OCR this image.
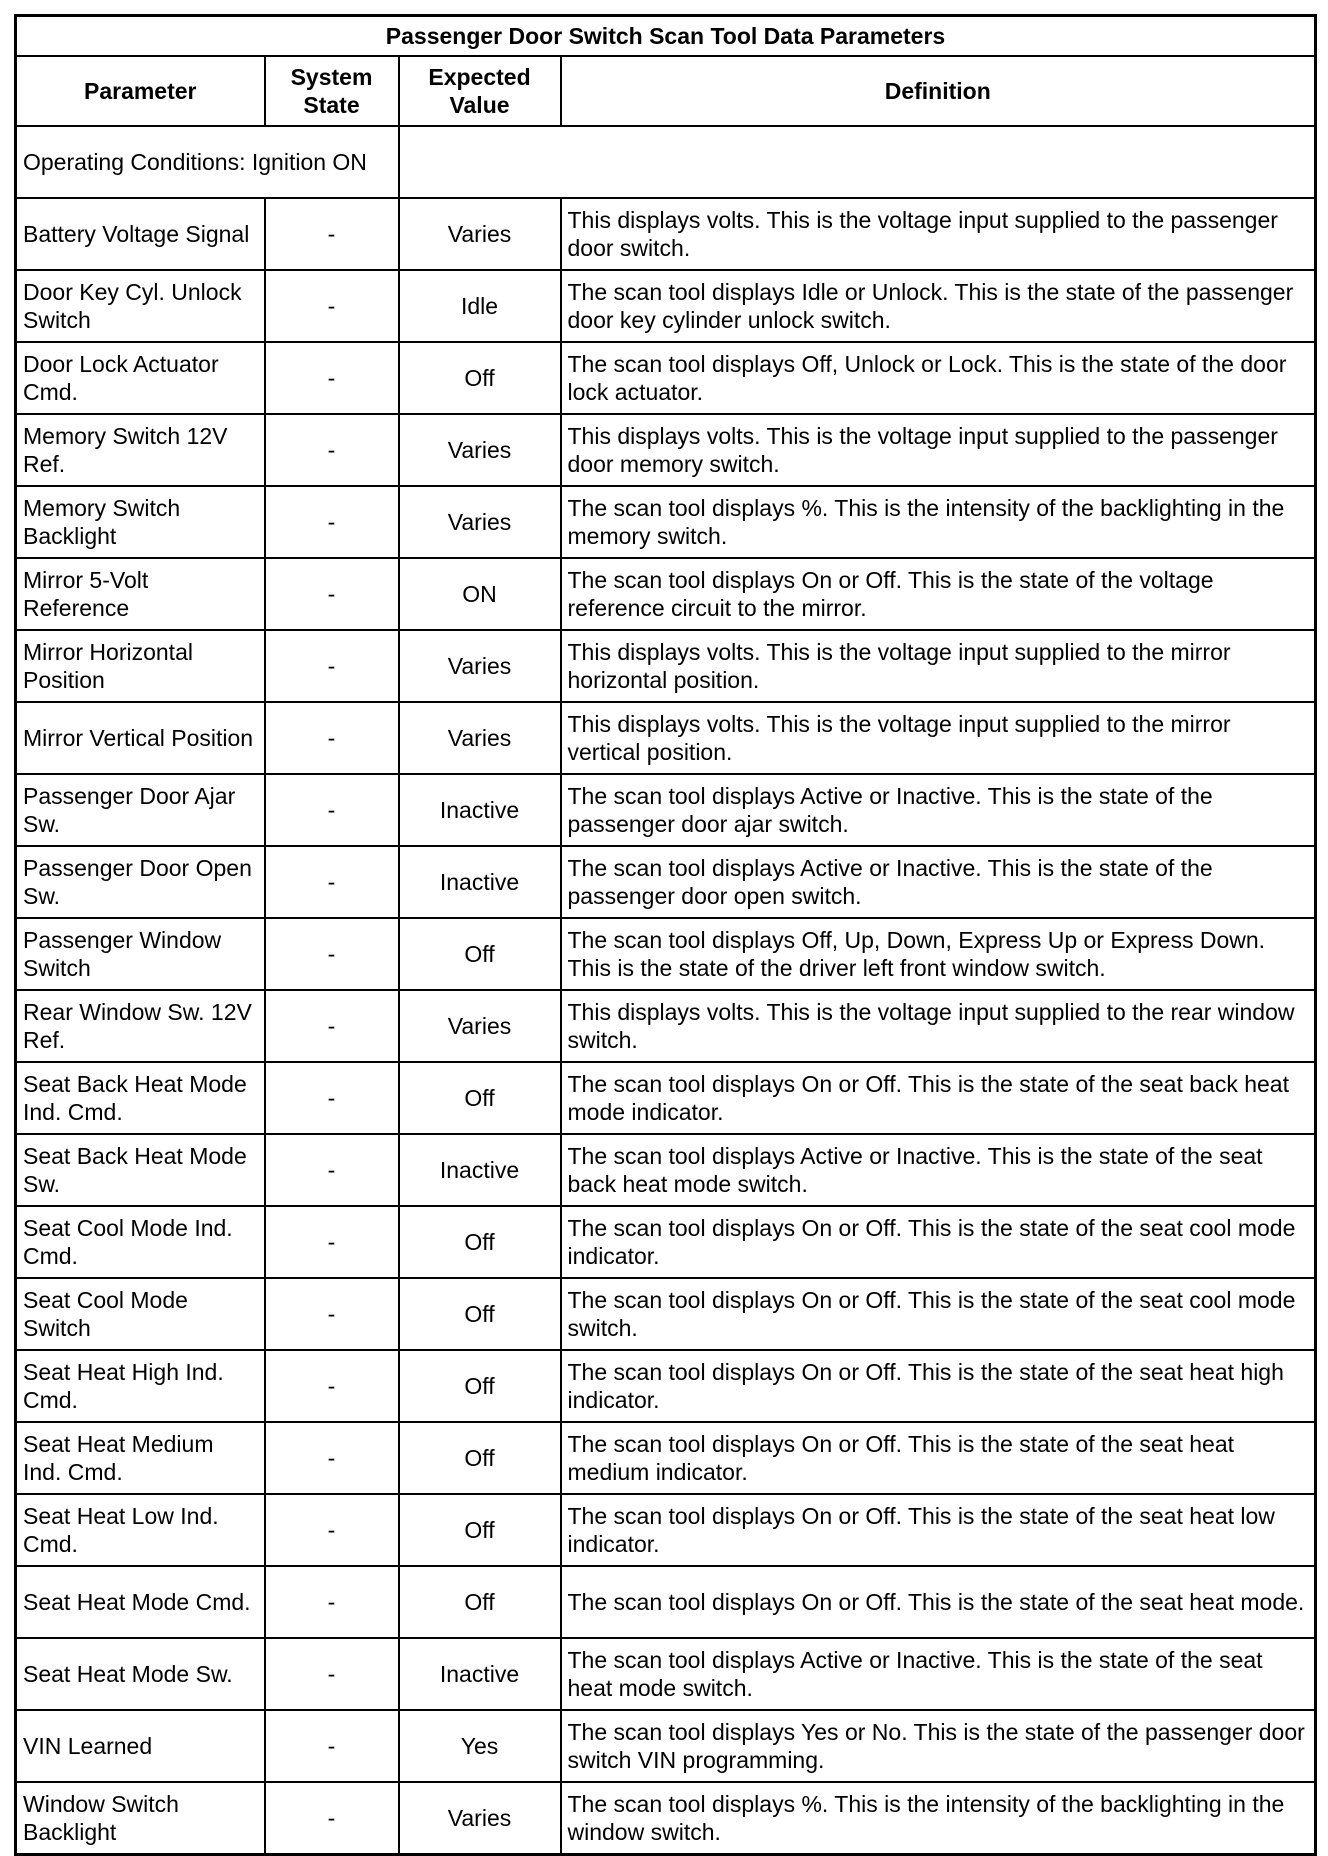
Passenger Door Switch Scan Tool Data Parameters			
Parameter	System State	Expected Value	Definition
Operating Conditions: Ignition ON			
Battery Voltage Signal	-	Varies	This displays volts. This is the voltage input supplied to the passenger door switch.
Door Key Cyl. Unlock Switch	-	Idle	The scan tool displays Idle or Unlock. This is the state of the passenger door key cylinder unlock switch.
Door Lock Actuator Cmd.	-	Off	The scan tool displays Off, Unlock or Lock. This is the state of the door lock actuator.
Memory Switch 12V Ref.	-	Varies	This displays volts. This is the voltage input supplied to the passenger door memory switch.
Memory Switch Backlight	-	Varies	The scan tool displays %. This is the intensity of the backlighting in the memory switch.
Mirror 5-Volt Reference	-	ON	The scan tool displays On or Off. This is the state of the voltage reference circuit to the mirror.
Mirror Horizontal Position	-	Varies	This displays volts. This is the voltage input supplied to the mirror horizontal position.
Mirror Vertical Position	-	Varies	This displays volts. This is the voltage input supplied to the mirror vertical position.
Passenger Door Ajar Sw.	-	Inactive	The scan tool displays Active or Inactive. This is the state of the passenger door ajar switch.
Passenger Door Open Sw.	-	Inactive	The scan tool displays Active or Inactive. This is the state of the passenger door open switch.
Passenger Window Switch	-	Off	The scan tool displays Off, Up, Down, Express Up or Express Down. This is the state of the driver left front window switch.
Rear Window Sw. 12V Ref.	-	Varies	This displays volts. This is the voltage input supplied to the rear window switch.
Seat Back Heat Mode Ind. Cmd.	-	Off	The scan tool displays On or Off. This is the state of the seat back heat mode indicator.
Seat Back Heat Mode Sw.	-	Inactive	The scan tool displays Active or Inactive. This is the state of the seat back heat mode switch.
Seat Cool Mode Ind. Cmd.	-	Off	The scan tool displays On or Off. This is the state of the seat cool mode indicator.
Seat Cool Mode Switch	-	Off	The scan tool displays On or Off. This is the state of the seat cool mode switch.
Seat Heat High Ind. Cmd.	-	Off	The scan tool displays On or Off. This is the state of the seat heat high indicator.
Seat Heat Medium Ind. Cmd.	-	Off	The scan tool displays On or Off. This is the state of the seat heat medium indicator.
Seat Heat Low Ind. Cmd.	-	Off	The scan tool displays On or Off. This is the state of the seat heat low indicator.
Seat Heat Mode Cmd.	-	Off	The scan tool displays On or Off. This is the state of the seat heat mode.
Seat Heat Mode Sw.	-	Inactive	The scan tool displays Active or Inactive. This is the state of the seat heat mode switch.
VIN Learned	-	Yes	The scan tool displays Yes or No. This is the state of the passenger door switch VIN programming.
Window Switch Backlight	-	Varies	The scan tool displays %. This is the intensity of the backlighting in the window switch.
